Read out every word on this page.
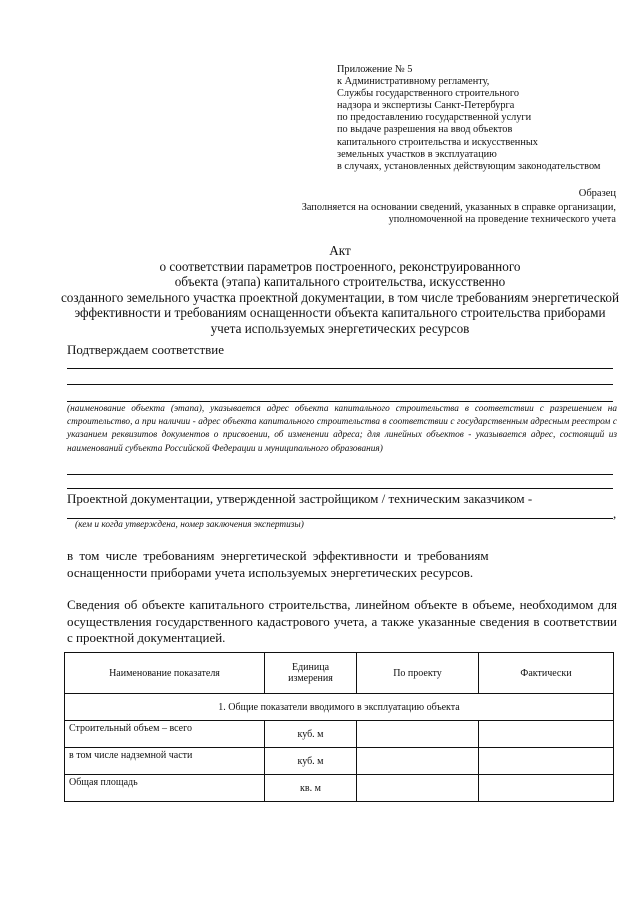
Приложение № 5
к Административному регламенту,
Службы государственного строительного
надзора и экспертизы Санкт-Петербурга
по предоставлению государственной услуги
по выдаче разрешения на ввод объектов
капитального строительства и искусственных
земельных участков в эксплуатацию
в случаях, установленных действующим законодательством
Образец
Заполняется на основании сведений, указанных в справке организации,
уполномоченной на проведение технического учета
Акт
о соответствии параметров построенного, реконструированного
объекта (этапа) капитального строительства, искусственно
созданного земельного участка проектной документации, в том числе требованиям энергетической
эффективности и требованиям оснащенности объекта капитального строительства приборами
учета используемых энергетических ресурсов
Подтверждаем соответствие
(наименование объекта (этапа), указывается адрес объекта капитального строительства в соответствии с разрешением на строительство, а при наличии - адрес объекта капитального строительства в соответствии с государственным адресным реестром с указанием реквизитов документов о присвоении, об изменении адреса; для линейных объектов - указывается адрес, состоящий из наименований субъекта Российской Федерации и муниципального образования)
Проектной документации, утвержденной застройщиком / техническим заказчиком -
,
(кем и когда утверждена, номер заключения экспертизы)
в том числе требованиям энергетической эффективности и требованиям
оснащенности приборами учета используемых энергетических ресурсов.
Сведения об объекте капитального строительства, линейном объекте в объеме, необходимом для осуществления государственного кадастрового учета, а также указанные сведения в соответствии с проектной документацией.
Наименование показателя	Единица измерения	По проекту	Фактически
1. Общие показатели вводимого в эксплуатацию объекта			
Строительный объем – всего	куб. м		
в том числе надземной части	куб. м		
Общая площадь	кв. м		
